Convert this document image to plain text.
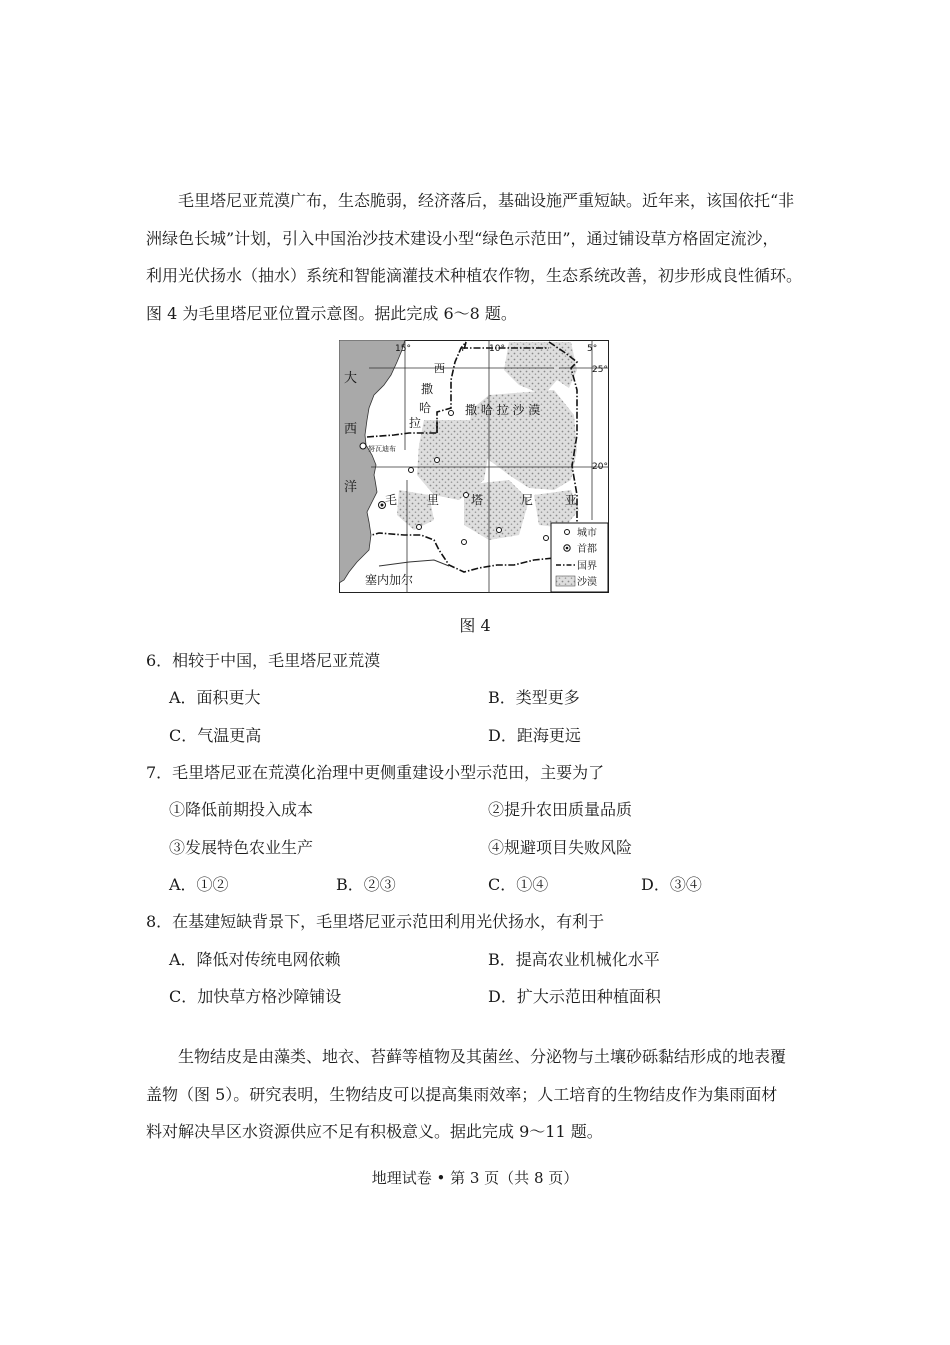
毛里塔尼亚荒漠广布，生态脆弱，经济落后，基础设施严重短缺。近年来，该国依托“非
洲绿色长城”计划，引入中国治沙技术建设小型“绿色示范田”，通过铺设草方格固定流沙，
利用光伏扬水（抽水）系统和智能滴灌技术种植农作物，生态系统改善，初步形成良性循环。
图 4 为毛里塔尼亚位置示意图。据此完成 6～8 题。
15°	10°	5°
25°
20°
大
西
洋
西
撒
哈
拉
撒 哈 拉 沙 漠
毛 里	塔	尼	亚
努瓦迪布
塞内加尔
城市
首都
国界
沙漠
图 4
6．相较于中国，毛里塔尼亚荒漠
A．面积更大	B．类型更多
C．气温更高	D．距海更远
7．毛里塔尼亚在荒漠化治理中更侧重建设小型示范田，主要为了
①降低前期投入成本	②提升农田质量品质
③发展特色农业生产	④规避项目失败风险
A．①②	B．②③	C．①④	D．③④
8．在基建短缺背景下，毛里塔尼亚示范田利用光伏扬水，有利于
A．降低对传统电网依赖	B．提高农业机械化水平
C．加快草方格沙障铺设	D．扩大示范田种植面积
生物结皮是由藻类、地衣、苔藓等植物及其菌丝、分泌物与土壤砂砾黏结形成的地表覆
盖物（图 5）。研究表明，生物结皮可以提高集雨效率；人工培育的生物结皮作为集雨面材
料对解决旱区水资源供应不足有积极意义。据此完成 9～11 题。
地理试卷 • 第 3 页（共 8 页）
